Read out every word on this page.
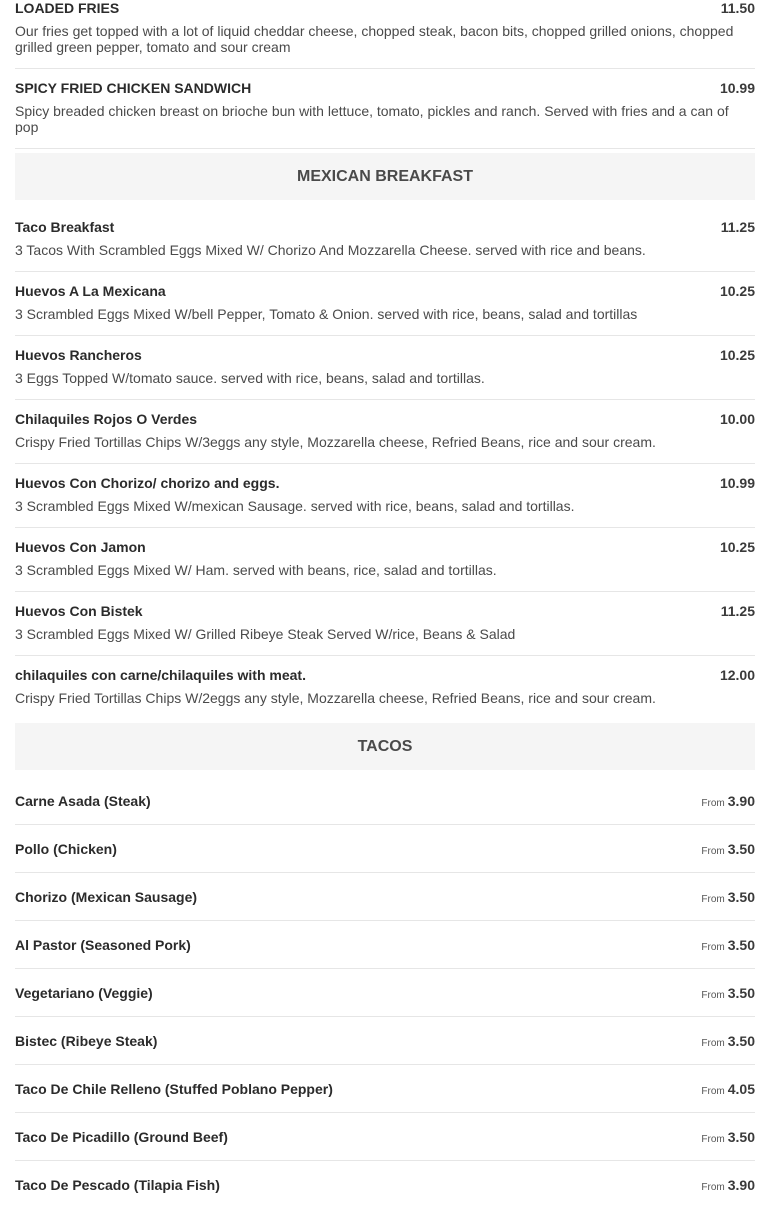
LOADED FRIES	11.50
Our fries get topped with a lot of liquid cheddar cheese, chopped steak, bacon bits, chopped grilled onions, chopped grilled green pepper, tomato and sour cream
SPICY FRIED CHICKEN SANDWICH	10.99
Spicy breaded chicken breast on brioche bun with lettuce, tomato, pickles and ranch. Served with fries and a can of pop
MEXICAN BREAKFAST
Taco Breakfast	11.25
3 Tacos With Scrambled Eggs Mixed W/ Chorizo And Mozzarella Cheese. served with rice and beans.
Huevos A La Mexicana	10.25
3 Scrambled Eggs Mixed W/bell Pepper, Tomato & Onion. served with rice, beans, salad and tortillas
Huevos Rancheros	10.25
3 Eggs Topped W/tomato sauce. served with rice, beans, salad and tortillas.
Chilaquiles Rojos O Verdes	10.00
Crispy Fried Tortillas Chips W/3eggs any style, Mozzarella cheese, Refried Beans, rice and sour cream.
Huevos Con Chorizo/ chorizo and eggs.	10.99
3 Scrambled Eggs Mixed W/mexican Sausage. served with rice, beans, salad and tortillas.
Huevos Con Jamon	10.25
3 Scrambled Eggs Mixed W/ Ham. served with beans, rice, salad and tortillas.
Huevos Con Bistek	11.25
3 Scrambled Eggs Mixed W/ Grilled Ribeye Steak Served W/rice, Beans & Salad
chilaquiles con carne/chilaquiles with meat.	12.00
Crispy Fried Tortillas Chips W/2eggs any style, Mozzarella cheese, Refried Beans, rice and sour cream.
TACOS
Carne Asada (Steak)	From 3.90
Pollo (Chicken)	From 3.50
Chorizo (Mexican Sausage)	From 3.50
Al Pastor (Seasoned Pork)	From 3.50
Vegetariano (Veggie)	From 3.50
Bistec (Ribeye Steak)	From 3.50
Taco De Chile Relleno (Stuffed Poblano Pepper)	From 4.05
Taco De Picadillo (Ground Beef)	From 3.50
Taco De Pescado (Tilapia Fish)	From 3.90
